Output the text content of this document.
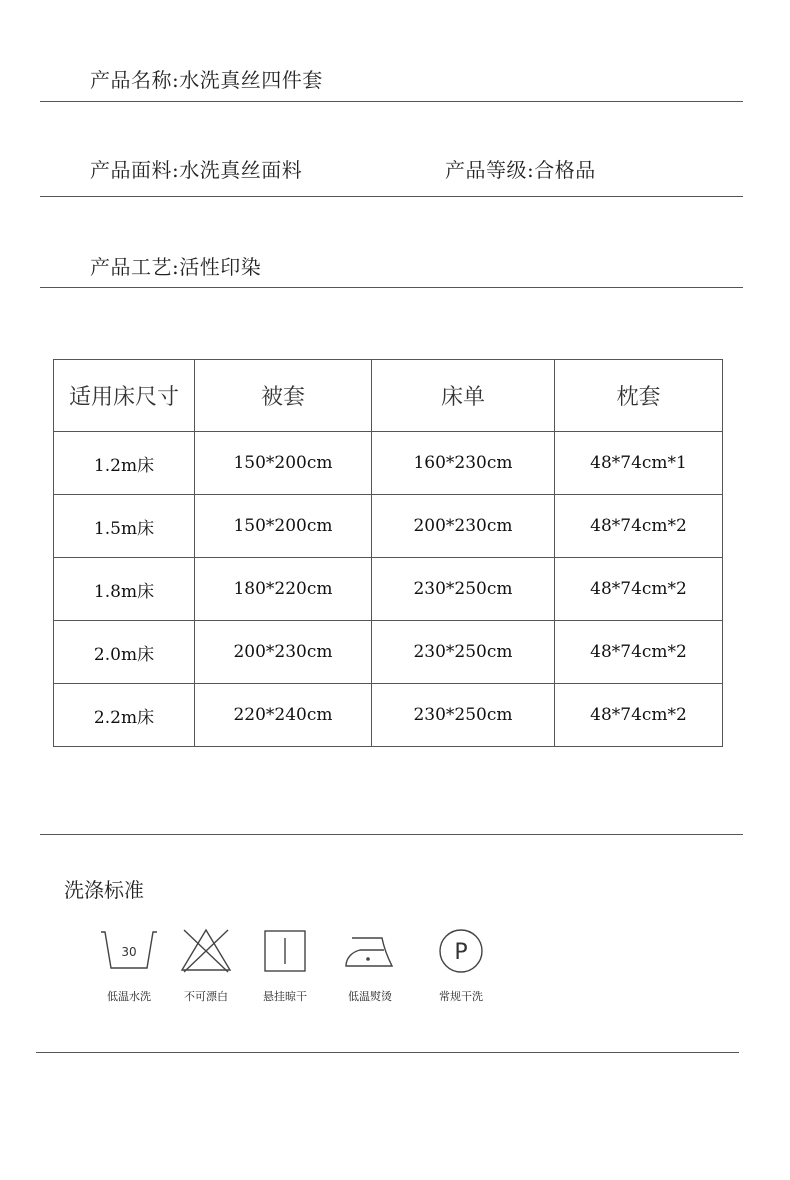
产品名称:水洗真丝四件套
产品面料:水洗真丝面料	产品等级:合格品
产品工艺:活性印染
适用床尺寸	被套	床单	枕套
1.2m床	150*200cm	160*230cm	48*74cm*1
1.5m床	150*200cm	200*230cm	48*74cm*2
1.8m床	180*220cm	230*250cm	48*74cm*2
2.0m床	200*230cm	230*250cm	48*74cm*2
2.2m床	220*240cm	230*250cm	48*74cm*2
洗涤标准
30
低温水洗	不可漂白	悬挂晾干	低温熨烫
P
常规干洗
